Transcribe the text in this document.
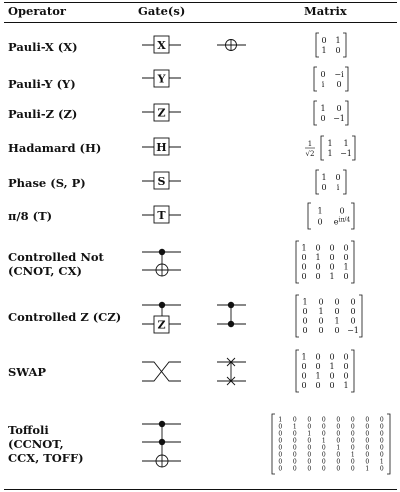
Operator	Gate(s)	Matrix
Pauli-X (X)
Pauli-Y (Y)
Pauli-Z (Z)
Hadamard (H)
Phase (S, P)
π/8 (T)
Controlled Not
(CNOT, CX)
Controlled Z (CZ)
SWAP
Toffoli
(CCNOT,
CCX, TOFF)
X
Y
Z
H
S
T
Z
0 1
1 0
0 −i
i 0
1 0
0 −1
1 1
1 −1
1
√2
1 0
0 i
1 0
0 $e^{i\pi/4}$
1 0 0 0
0 1 0 0
0 0 0 1
0 0 1 0
1 0 0 0
0 1 0 0
0 0 1 0
0 0 0 −1
1 0 0 0
0 0 1 0
0 1 0 0
0 0 0 1
1 0 0 0 0 0 0 0
0 1 0 0 0 0 0 0
0 0 1 0 0 0 0 0
0 0 0 1 0 0 0 0
0 0 0 0 1 0 0 0
0 0 0 0 0 1 0 0
0 0 0 0 0 0 0 1
0 0 0 0 0 0 1 0
